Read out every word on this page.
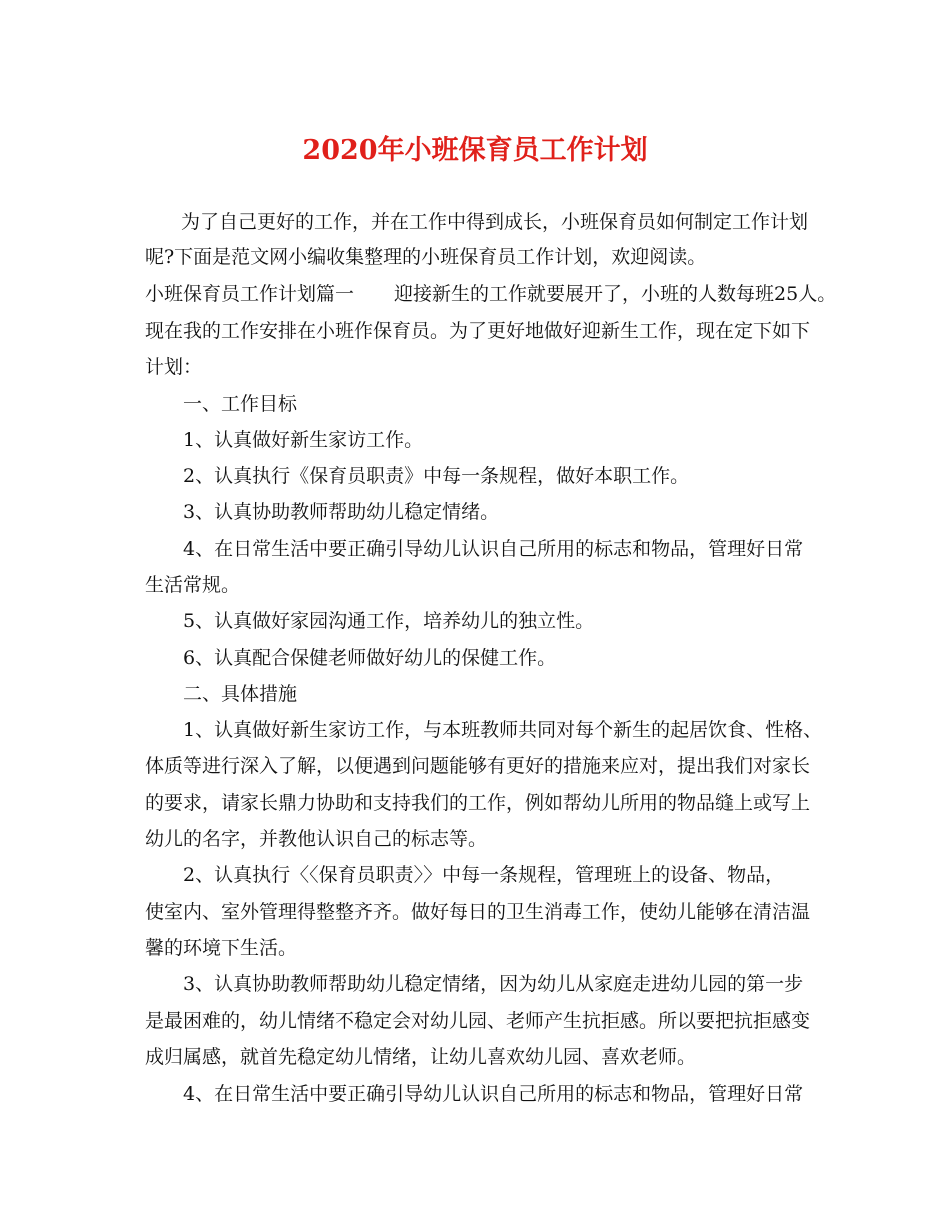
2020年小班保育员工作计划
为了自己更好的工作，并在工作中得到成长，小班保育员如何制定工作计划
呢?下面是范文网小编收集整理的小班保育员工作计划，欢迎阅读。
小班保育员工作计划篇一 迎接新生的工作就要展开了，小班的人数每班25人。
现在我的工作安排在小班作保育员。为了更好地做好迎新生工作，现在定下如下
计划：
一、工作目标
1、认真做好新生家访工作。
2、认真执行《保育员职责》中每一条规程，做好本职工作。
3、认真协助教师帮助幼儿稳定情绪。
4、在日常生活中要正确引导幼儿认识自己所用的标志和物品，管理好日常
生活常规。
5、认真做好家园沟通工作，培养幼儿的独立性。
6、认真配合保健老师做好幼儿的保健工作。
二、具体措施
1、认真做好新生家访工作，与本班教师共同对每个新生的起居饮食、性格、
体质等进行深入了解，以便遇到问题能够有更好的措施来应对，提出我们对家长
的要求，请家长鼎力协助和支持我们的工作，例如帮幼儿所用的物品缝上或写上
幼儿的名字，并教他认识自己的标志等。
2、认真执行〈〈保育员职责〉〉中每一条规程，管理班上的设备、物品，
使室内、室外管理得整整齐齐。做好每日的卫生消毒工作，使幼儿能够在清洁温
馨的环境下生活。
3、认真协助教师帮助幼儿稳定情绪，因为幼儿从家庭走进幼儿园的第一步
是最困难的，幼儿情绪不稳定会对幼儿园、老师产生抗拒感。所以要把抗拒感变
成归属感，就首先稳定幼儿情绪，让幼儿喜欢幼儿园、喜欢老师。
4、在日常生活中要正确引导幼儿认识自己所用的标志和物品，管理好日常
